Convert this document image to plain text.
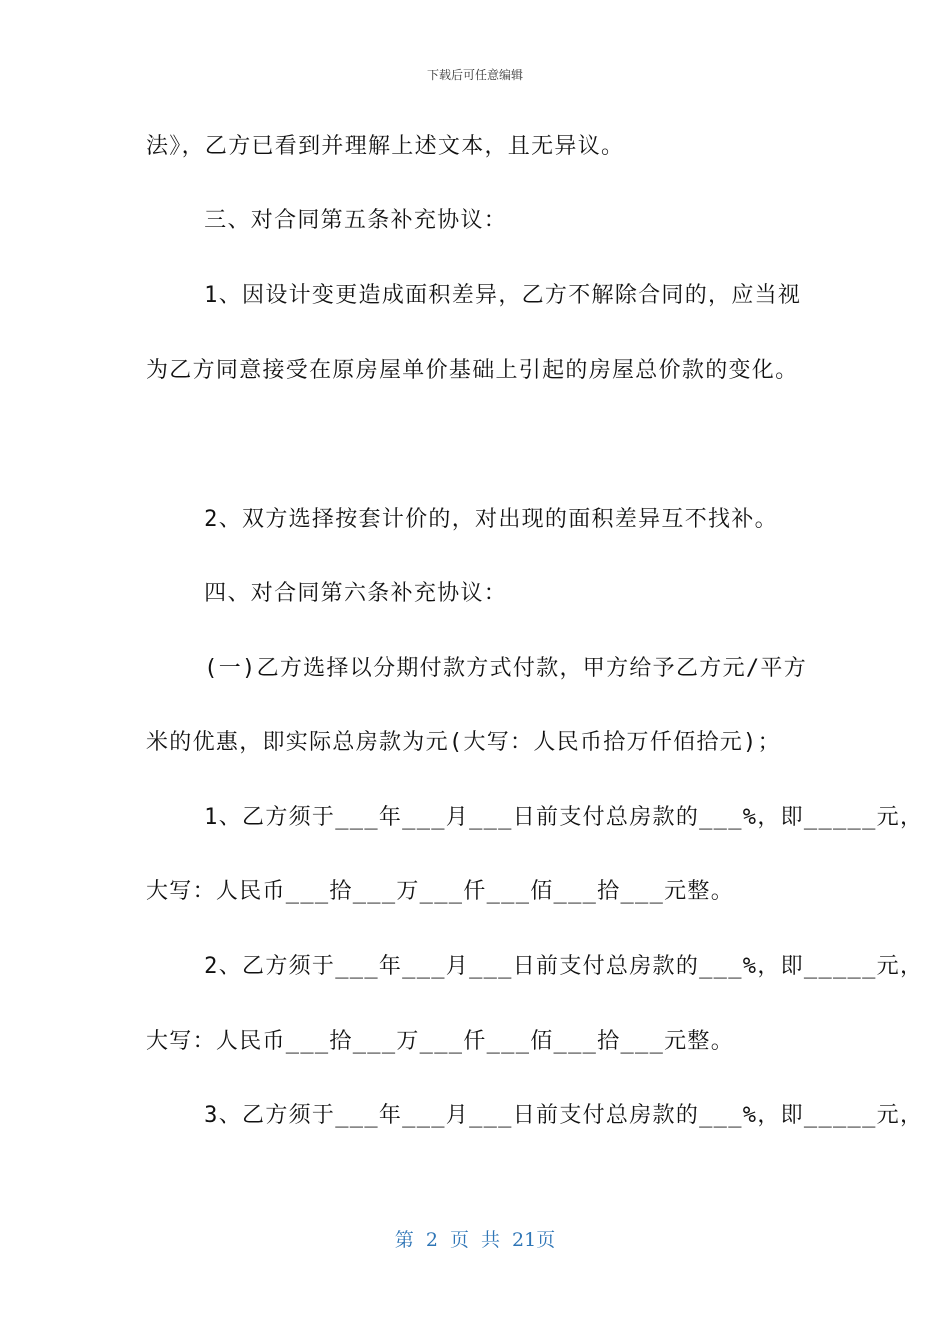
下载后可任意编辑
法》，乙方已看到并理解上述文本，且无异议。
三、对合同第五条补充协议：
1、因设计变更造成面积差异，乙方不解除合同的，应当视
为乙方同意接受在原房屋单价基础上引起的房屋总价款的变化。
2、双方选择按套计价的，对出现的面积差异互不找补。
四、对合同第六条补充协议：
(一)乙方选择以分期付款方式付款，甲方给予乙方元/平方
米的优惠，即实际总房款为元(大写：人民币拾万仟佰拾元)；
1、乙方须于___年___月___日前支付总房款的___%，即_____元，
大写：人民币___拾___万___仟___佰___拾___元整。
2、乙方须于___年___月___日前支付总房款的___%，即_____元，
大写：人民币___拾___万___仟___佰___拾___元整。
3、乙方须于___年___月___日前支付总房款的___%，即_____元，
第 2 页 共 21页
